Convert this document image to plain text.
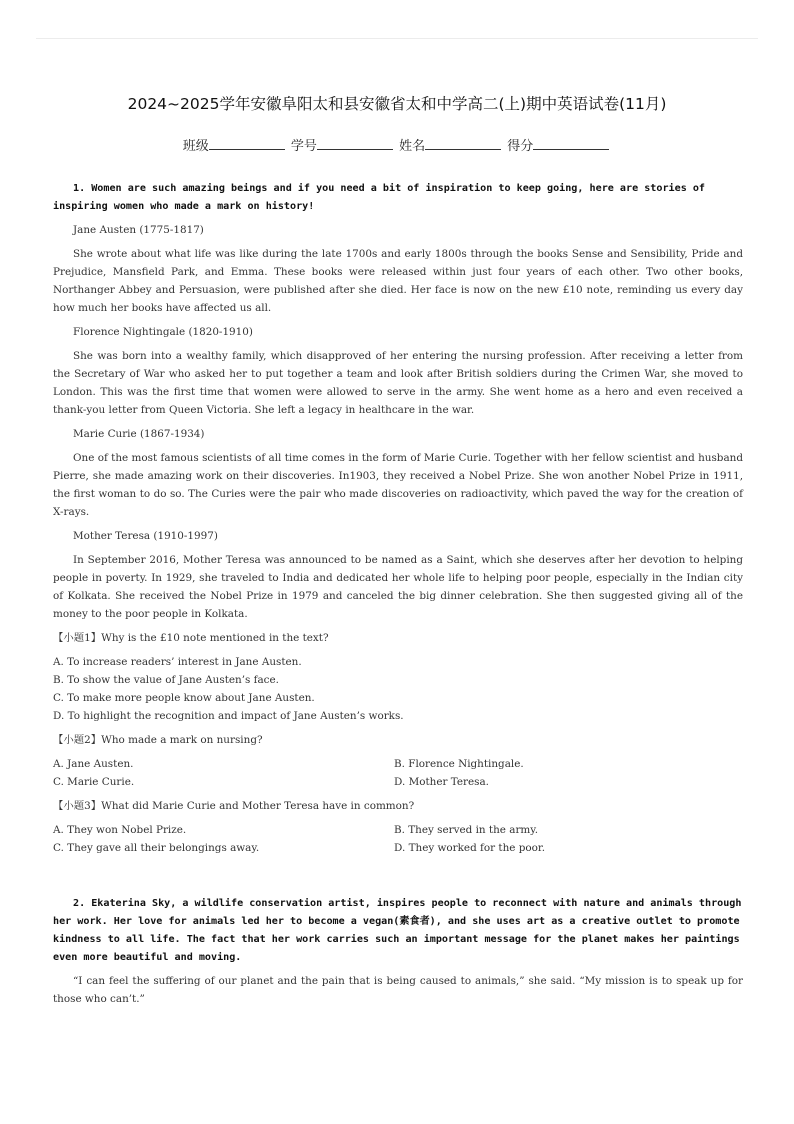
2024~2025学年安徽阜阳太和县安徽省太和中学高二(上)期中英语试卷(11月)
班级	学号	姓名	得分
1. Women are such amazing beings and if you need a bit of inspiration to keep going, here are stories of inspiring women who made a mark on history!
Jane Austen (1775-1817)
She wrote about what life was like during the late 1700s and early 1800s through the books Sense and Sensibility, Pride and Prejudice, Mansfield Park, and Emma. These books were released within just four years of each other. Two other books, Northanger Abbey and Persuasion, were published after she died. Her face is now on the new £10 note, reminding us every day how much her books have affected us all.
Florence Nightingale (1820-1910)
She was born into a wealthy family, which disapproved of her entering the nursing profession. After receiving a letter from the Secretary of War who asked her to put together a team and look after British soldiers during the Crimen War, she moved to London. This was the first time that women were allowed to serve in the army. She went home as a hero and even received a thank-you letter from Queen Victoria. She left a legacy in healthcare in the war.
Marie Curie (1867-1934)
One of the most famous scientists of all time comes in the form of Marie Curie. Together with her fellow scientist and husband Pierre, she made amazing work on their discoveries. In1903, they received a Nobel Prize. She won another Nobel Prize in 1911, the first woman to do so. The Curies were the pair who made discoveries on radioactivity, which paved the way for the creation of X-rays.
Mother Teresa (1910-1997)
In September 2016, Mother Teresa was announced to be named as a Saint, which she deserves after her devotion to helping people in poverty. In 1929, she traveled to India and dedicated her whole life to helping poor people, especially in the Indian city of Kolkata. She received the Nobel Prize in 1979 and canceled the big dinner celebration. She then suggested giving all of the money to the poor people in Kolkata.
【小题1】Why is the £10 note mentioned in the text?
A. To increase readers’ interest in Jane Austen.
B. To show the value of Jane Austen’s face.
C. To make more people know about Jane Austen.
D. To highlight the recognition and impact of Jane Austen’s works.
【小题2】Who made a mark on nursing?
A. Jane Austen.	B. Florence Nightingale.
C. Marie Curie.	D. Mother Teresa.
【小题3】What did Marie Curie and Mother Teresa have in common?
A. They won Nobel Prize.	B. They served in the army.
C. They gave all their belongings away.	D. They worked for the poor.
2. Ekaterina Sky, a wildlife conservation artist, inspires people to reconnect with nature and animals through her work. Her love for animals led her to become a vegan(素食者), and she uses art as a creative outlet to promote kindness to all life. The fact that her work carries such an important message for the planet makes her paintings even more beautiful and moving.
“I can feel the suffering of our planet and the pain that is being caused to animals,” she said. “My mission is to speak up for those who can’t.”
